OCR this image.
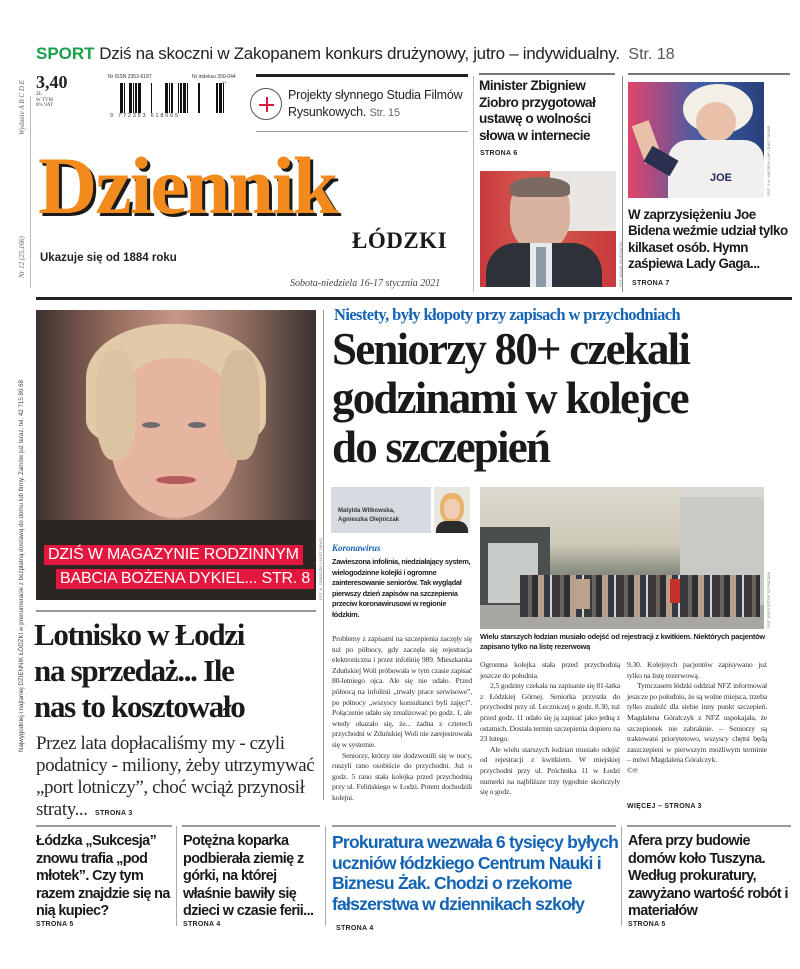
Wydanie A B C D E
Nr 12 (25,166)
Najwygodniej i najtaniej DZIENNIK ŁÓDZKI w prenumeracie z bezpłatną dostawą do domu lub firmy. Zamów już teraz, tel. 42 715 80 68
SPORT Dziś na skoczni w Zakopanem konkurs drużynowy, jutro – indywidualny. Str. 18
3,40
ZŁ
W TYM
8% VAT
Nr ISSN 2353-6187	Nr indeksu 350-044
07
9 772353 618065
Projekty słynnego Studia Filmów Rysunkowych. Str. 15
Dziennik
ŁÓDZKI
Ukazuje się od 1884 roku
Sobota-niedziela 16-17 stycznia 2021
Minister Zbigniew Ziobro przygotował ustawę o wolności słowa w internecie
STRONA 6
FOT. ADAM JANKOWSKI
JOE	FOT. J.H. WATSON / AP / EAST NEWS
W zaprzysiężeniu Joe Bidena weźmie udział tylko kilkaset osób. Hymn zaśpiewa Lady Gaga... STRONA 7
DZIŚ W MAGAZYNIE RODZINNYM
BABCIA BOŻENA DYKIEL... STR. 8	FOT. K. ZAWADZKI / EAST NEWS
Niestety, były kłopoty przy zapisach w przychodniach
Seniorzy 80+ czekali
godzinami w kolejce
do szczepień
Matylda Witkowska,
Agnieszka Olejniczak
Koronawirus
Zawieszona infolinia, niedziałający system, wielogodzinne kolejki i ogromne zainteresowanie seniorów. Tak wyglądał pierwszy dzień zapisów na szczepienia przeciw koronawirusowi w regionie łódzkim.

Problemy z zapisami na szczepienia zaczęły się tuż po północy, gdy zaczęła się rejestracja elektroniczna i przez infolinię 989. Mieszkanka Zduńskiej Woli próbowała w tym czasie zapisać 80-letniego ojca. Ale się nie udało. Przed północą na infolinii „trwały prace serwisowe”, po północy „wszyscy konsultanci byli zajęci”. Połączenie udało się zrealizować po godz. 1, ale wtedy okazało się, że... żadna z czterech przychodni w Zduńskiej Woli nie zarejestrowała się w systemie.

Seniorzy, którzy nie dodzwonili się w nocy, ruszyli rano osobiście do przychodni. Już o godz. 5 rano stała kolejka przed przychodnią przy ul. Felińskiego w Łodzi. Potem dochodzili kolejni.

FOT. KRZYSZTOF SZYMCZAK
Wielu starszych łodzian musiało odejść od rejestracji z kwitkiem. Niektórych pacjentów zapisano tylko na listę rezerwową

Ogromna kolejka stała przed przychodnią jeszcze do południa.

2,5 godziny czekała na zapisanie się 81-latka z Łódzkiej Górnej. Seniorka przyszła do przychodni przy ul. Leczniczej o godz. 8.30, tuż przed godz. 11 udało się ją zapisać jako jedną z ostatnich. Dostała termin szczepienia dopiero na 23 lutego.

Ale wielu starszych łodzian musiało odejść od rejestracji z kwitkiem. W miejskiej przychodni przy ul. Próchnika 11 w Łodzi numerki na najbliższe trzy tygodnie skończyły się o godz.

9.30. Kolejnych pacjentów zapisywano już tylko na listę rezerwową.

Tymczasem łódzki oddział NFZ informował jeszcze po południu, że są wolne miejsca, trzeba tylko znaleźć dla siebie inny punkt szczepień. Magdalena Góralczyk z NFZ uspokajała, że szczepionek nie zabraknie. – Seniorzy są traktowani priorytetowo, wszyscy chętni będą zaszczepieni w pierwszym możliwym terminie – mówi Magdalena Góralczyk.

©℗

WIĘCEJ – STRONA 3
Lotnisko w Łodzi
na sprzedaż... Ile
nas to kosztowało
Przez lata dopłacaliśmy my - czyli podatnicy - miliony, żeby utrzymywać „port lotniczy”, choć wciąż przynosił straty... STRONA 3
Łódzka „Sukcesja” znowu trafia „pod młotek”. Czy tym razem znajdzie się na nią kupiec?
STRONA 5
Potężna koparka podbierała ziemię z górki, na której właśnie bawiły się dzieci w czasie ferii...
STRONA 4
Prokuratura wezwała 6 tysięcy byłych uczniów łódzkiego Centrum Nauki i Biznesu Żak. Chodzi o rzekome fałszerstwa w dziennikach szkoły STRONA 4
Afera przy budowie domów koło Tuszyna. Według prokuratury, zawyżano wartość robót i materiałów
STRONA 5
